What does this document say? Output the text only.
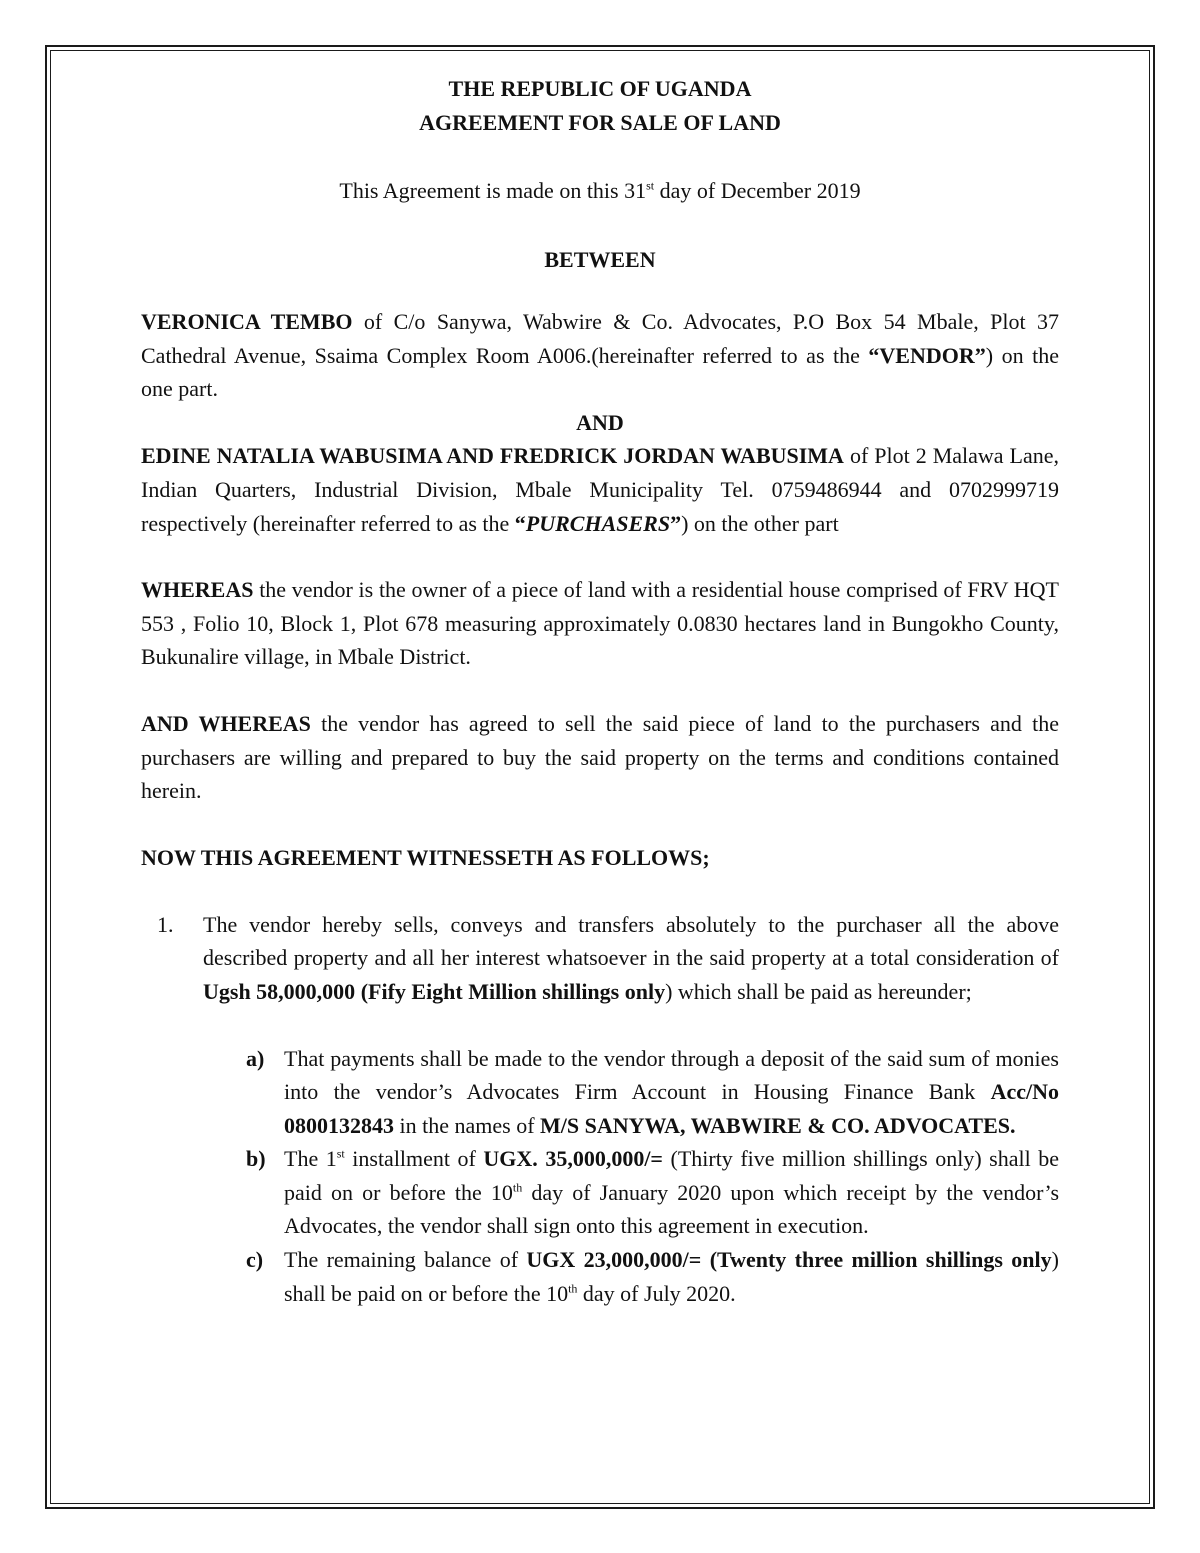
THE REPUBLIC OF UGANDA

AGREEMENT FOR SALE OF LAND

This Agreement is made on this 31st day of December 2019

BETWEEN

VERONICA TEMBO of C/o Sanywa, Wabwire & Co. Advocates, P.O Box 54 Mbale, Plot 37 Cathedral Avenue, Ssaima Complex Room A006.(hereinafter referred to as the “VENDOR”) on the one part.

AND

EDINE NATALIA WABUSIMA AND FREDRICK JORDAN WABUSIMA of Plot 2 Malawa Lane, Indian Quarters, Industrial Division, Mbale Municipality Tel. 0759486944 and 0702999719 respectively (hereinafter referred to as the “PURCHASERS”) on the other part

WHEREAS the vendor is the owner of a piece of land with a residential house comprised of FRV HQT 553 , Folio 10, Block 1, Plot 678 measuring approximately 0.0830 hectares land in Bungokho County, Bukunalire village, in Mbale District.

AND WHEREAS the vendor has agreed to sell the said piece of land to the purchasers and the purchasers are willing and prepared to buy the said property on the terms and conditions contained herein.

NOW THIS AGREEMENT WITNESSETH AS FOLLOWS;

1. The vendor hereby sells, conveys and transfers absolutely to the purchaser all the above described property and all her interest whatsoever in the said property at a total consideration of Ugsh 58,000,000 (Fify Eight Million shillings only) which shall be paid as hereunder;

a) That payments shall be made to the vendor through a deposit of the said sum of monies into the vendor’s Advocates Firm Account in Housing Finance Bank Acc/No 0800132843 in the names of M/S SANYWA, WABWIRE & CO. ADVOCATES.

b) The 1st installment of UGX. 35,000,000/= (Thirty five million shillings only) shall be paid on or before the 10th day of January 2020 upon which receipt by the vendor’s Advocates, the vendor shall sign onto this agreement in execution.

c) The remaining balance of UGX 23,000,000/= (Twenty three million shillings only) shall be paid on or before the 10th day of July 2020.
